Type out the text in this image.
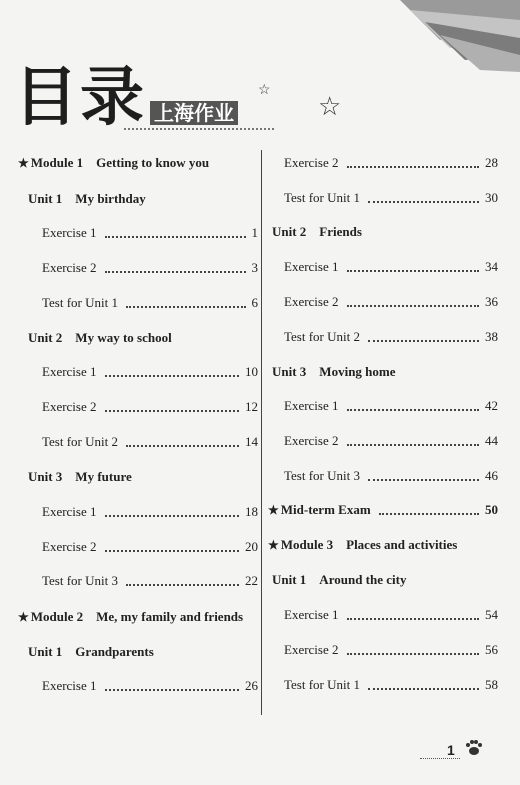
目录	☆
上海作业	☆
★ Module 1　Getting to know you
Unit 1　My birthday
Exercise 1	1
Exercise 2	3
Test for Unit 1	6
Unit 2　My way to school
Exercise 1	10
Exercise 2	12
Test for Unit 2	14
Unit 3　My future
Exercise 1	18
Exercise 2	20
Test for Unit 3	22
★ Module 2　Me, my family and friends
Unit 1　Grandparents
Exercise 1	26
Exercise 2	28
Test for Unit 1	30
Unit 2　Friends
Exercise 1	34
Exercise 2	36
Test for Unit 2	38
Unit 3　Moving home
Exercise 1	42
Exercise 2	44
Test for Unit 3	46
★ Mid-term Exam	50
★ Module 3　Places and activities
Unit 1　Around the city
Exercise 1	54
Exercise 2	56
Test for Unit 1	58
1
